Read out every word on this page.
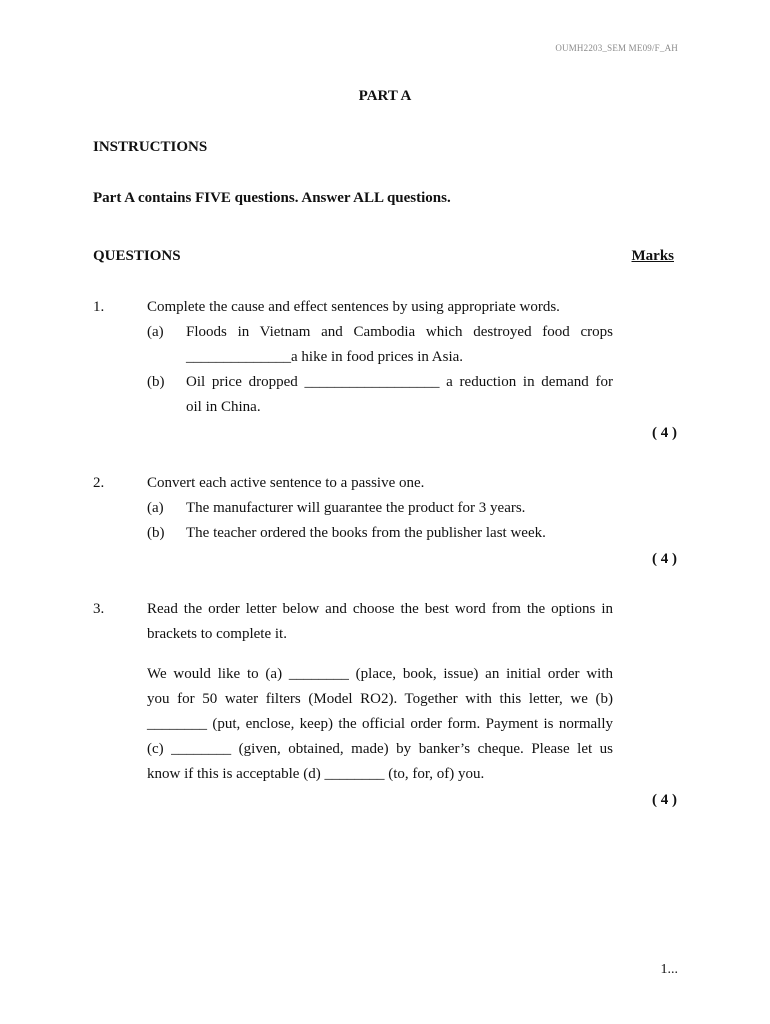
OUMH2203_SEM ME09/F_AH
PART A
INSTRUCTIONS
Part A contains FIVE questions. Answer ALL questions.
QUESTIONS	Marks
1.	Complete the cause and effect sentences by using appropriate words.
(a) Floods in Vietnam and Cambodia which destroyed food crops
______________a hike in food prices in Asia.
(b) Oil price dropped __________________ a reduction in demand for
oil in China.
( 4 )
2.	Convert each active sentence to a passive one.
(a) The manufacturer will guarantee the product for 3 years.
(b) The teacher ordered the books from the publisher last week.
( 4 )
3.	Read the order letter below and choose the best word from the options in
brackets to complete it.
We would like to (a) ________ (place, book, issue) an initial order with
you for 50 water filters (Model RO2). Together with this letter, we (b)
________ (put, enclose, keep) the official order form. Payment is normally
(c) ________ (given, obtained, made) by banker’s cheque. Please let us
know if this is acceptable (d) ________ (to, for, of) you.
( 4 )
1...
